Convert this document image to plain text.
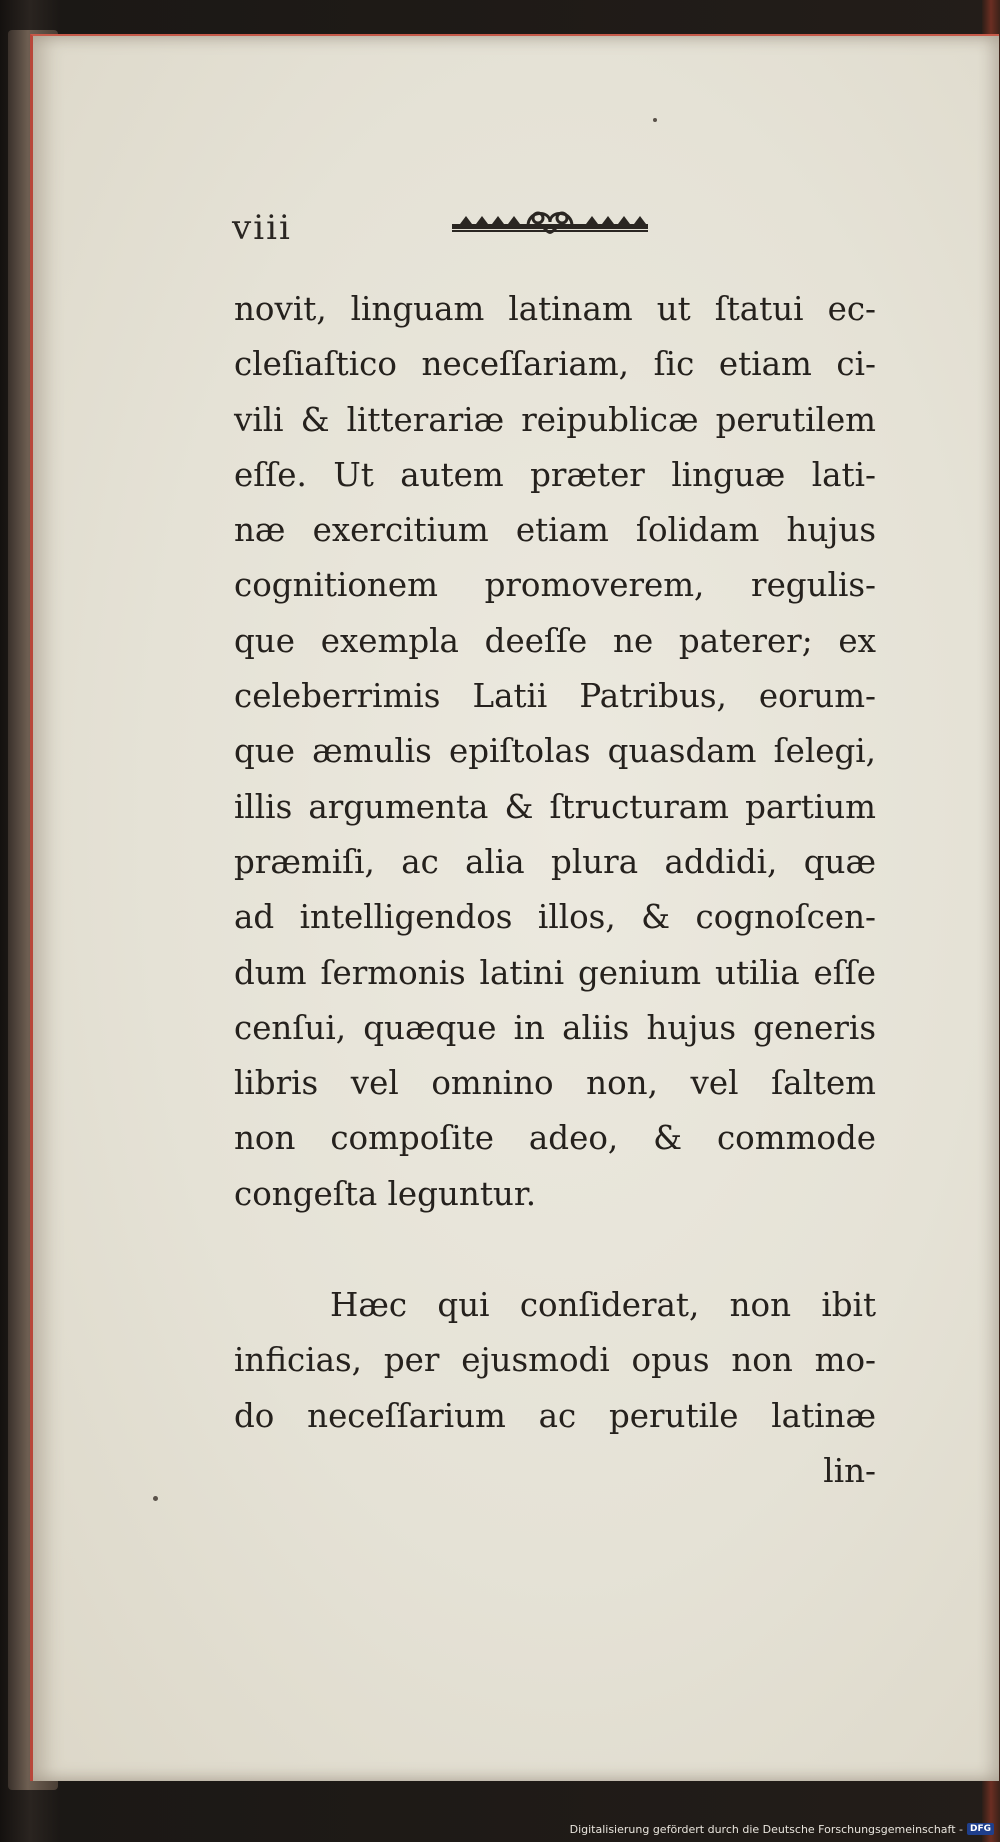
viii
novit, linguam latinam ut ſtatui ec-
cleſiaſtico neceſſariam, ſic etiam ci-
vili & litterariæ reipublicæ perutilem
eſſe. Ut autem præter linguæ lati-
næ exercitium etiam ſolidam hujus
cognitionem promoverem, regulis-
que exempla deeſſe ne paterer; ex
celeberrimis Latii Patribus, eorum-
que æmulis epiſtolas quasdam ſelegi,
illis argumenta & ſtructuram partium
præmiſi, ac alia plura addidi, quæ
ad intelligendos illos, & cognoſcen-
dum ſermonis latini genium utilia eſſe
cenſui, quæque in aliis hujus generis
libris vel omnino non, vel ſaltem
non compoſite adeo, & commode
congeſta leguntur.
Hæc qui conſiderat, non ibit
inficias, per ejusmodi opus non mo-
do neceſſarium ac perutile latinæ
lin-
Digitalisierung gefördert durch die Deutsche Forschungsgemeinschaft - DFG
